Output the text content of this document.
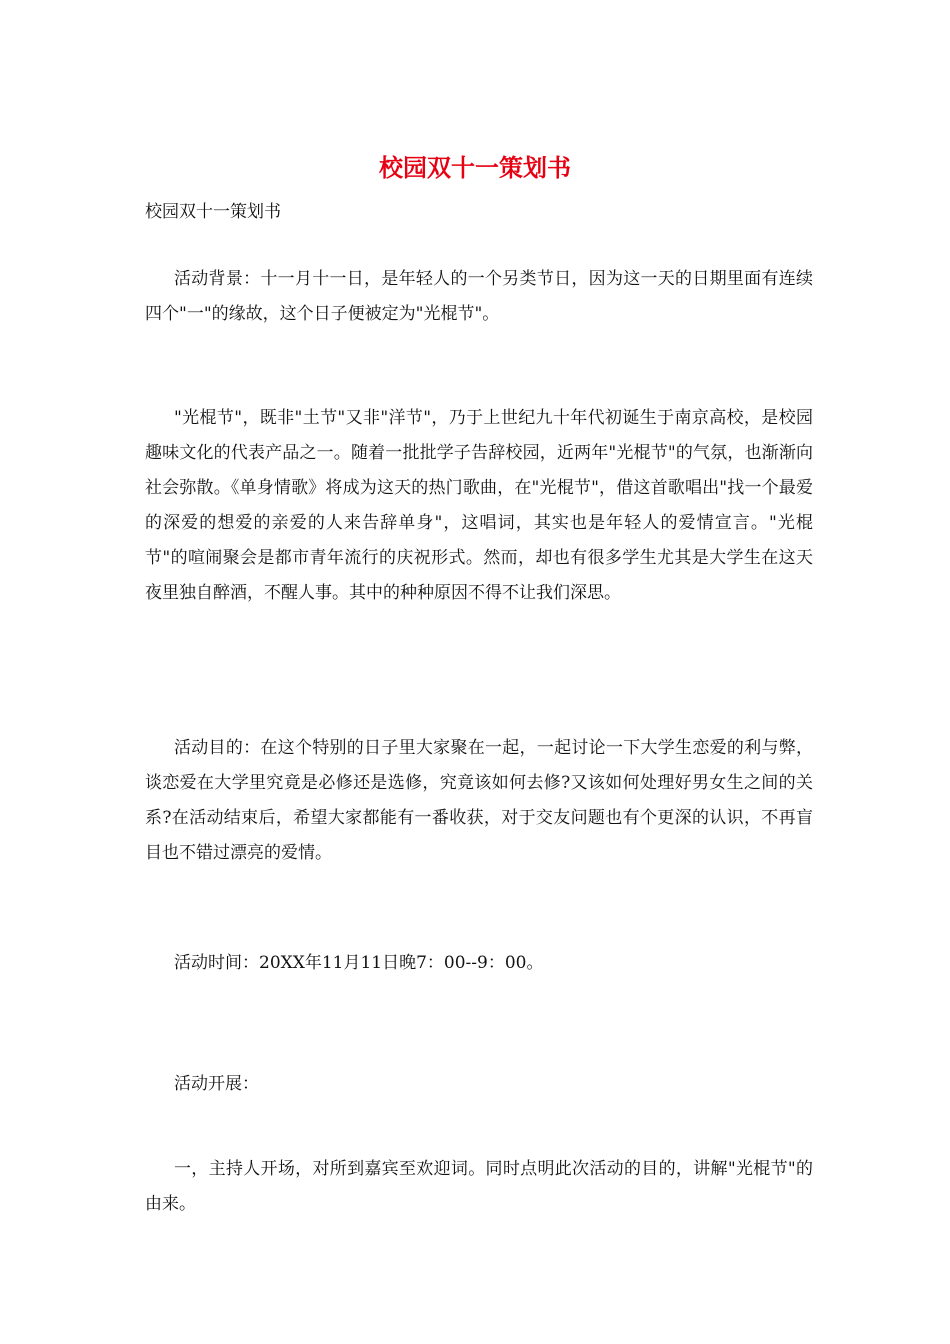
校园双十一策划书

校园双十一策划书

活动背景：十一月十一日，是年轻人的一个另类节日，因为这一天的日期里面有连续四个"一"的缘故，这个日子便被定为"光棍节"。

"光棍节"，既非"土节"又非"洋节"，乃于上世纪九十年代初诞生于南京高校，是校园趣味文化的代表产品之一。随着一批批学子告辞校园，近两年"光棍节"的气氛，也渐渐向社会弥散。《单身情歌》将成为这天的热门歌曲，在"光棍节"，借这首歌唱出"找一个最爱的深爱的想爱的亲爱的人来告辞单身"，这唱词，其实也是年轻人的爱情宣言。"光棍节"的喧闹聚会是都市青年流行的庆祝形式。然而，却也有很多学生尤其是大学生在这天夜里独自醉酒，不醒人事。其中的种种原因不得不让我们深思。

活动目的：在这个特别的日子里大家聚在一起，一起讨论一下大学生恋爱的利与弊，谈恋爱在大学里究竟是必修还是选修，究竟该如何去修?又该如何处理好男女生之间的关系?在活动结束后，希望大家都能有一番收获，对于交友问题也有个更深的认识，不再盲目也不错过漂亮的爱情。

活动时间：20XX年11月11日晚7：00--9：00。

活动开展：

一，主持人开场，对所到嘉宾至欢迎词。同时点明此次活动的目的，讲解"光棍节"的由来。
